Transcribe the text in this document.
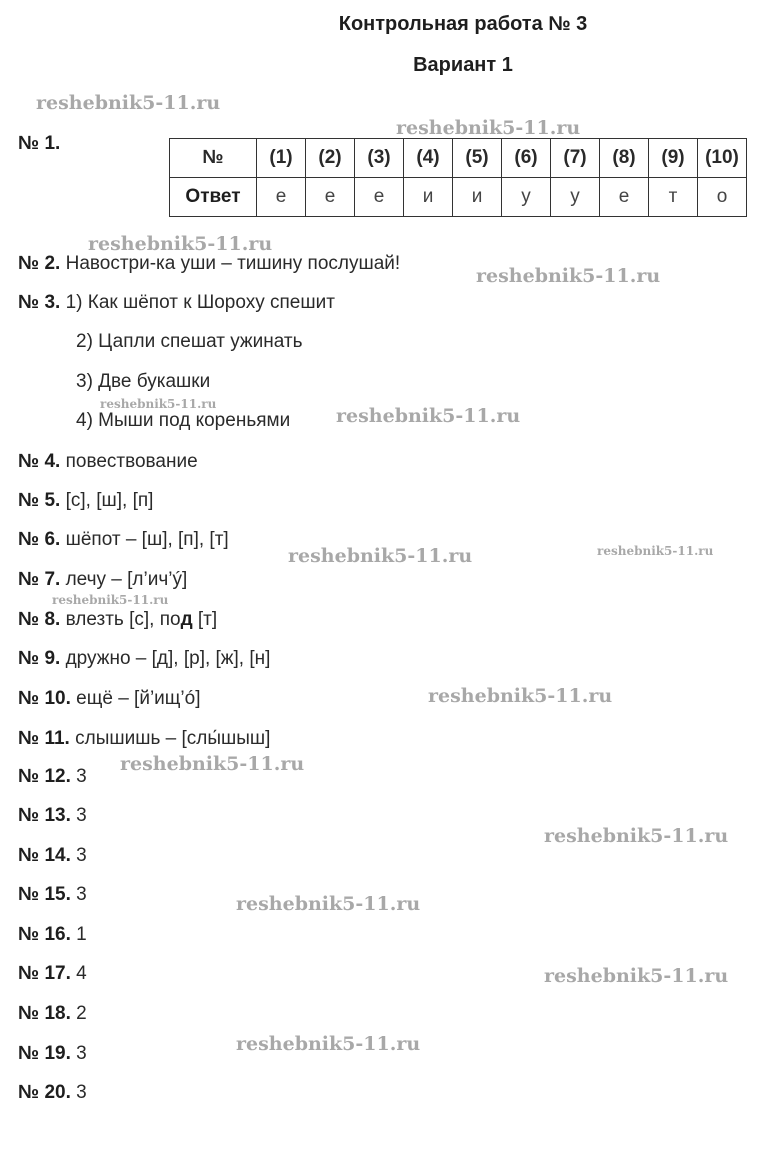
Контрольная работа № 3
Вариант 1
№ 1.
№	(1)	(2)	(3)	(4)	(5)	(6)	(7)	(8)	(9)	(10)
Ответ	е	е	е	и	и	у	у	е	т	о
№ 2. Навостри-ка уши – тишину послушай!
№ 3. 1) Как шёпот к Шороху спешит
2) Цапли спешат ужинать
3) Две букашки
4) Мыши под кореньями
№ 4. повествование
№ 5. [с], [ш], [п]
№ 6. шёпот – [ш], [п], [т]
№ 7. лечу – [л’ич’ý]
№ 8. влезть [с], под [т]
№ 9. дружно – [д], [р], [ж], [н]
№ 10. ещё – [й’ищ’ó]
№ 11. слышишь – [слы́шыш]
№ 12. 3
№ 13. 3
№ 14. 3
№ 15. 3
№ 16. 1
№ 17. 4
№ 18. 2
№ 19. 3
№ 20. 3
reshebnik5-11.ru
reshebnik5-11.ru
reshebnik5-11.ru
reshebnik5-11.ru
reshebnik5-11.ru
reshebnik5-11.ru
reshebnik5-11.ru	reshebnik5-11.ru
reshebnik5-11.ru
reshebnik5-11.ru
reshebnik5-11.ru
reshebnik5-11.ru
reshebnik5-11.ru
reshebnik5-11.ru
reshebnik5-11.ru
